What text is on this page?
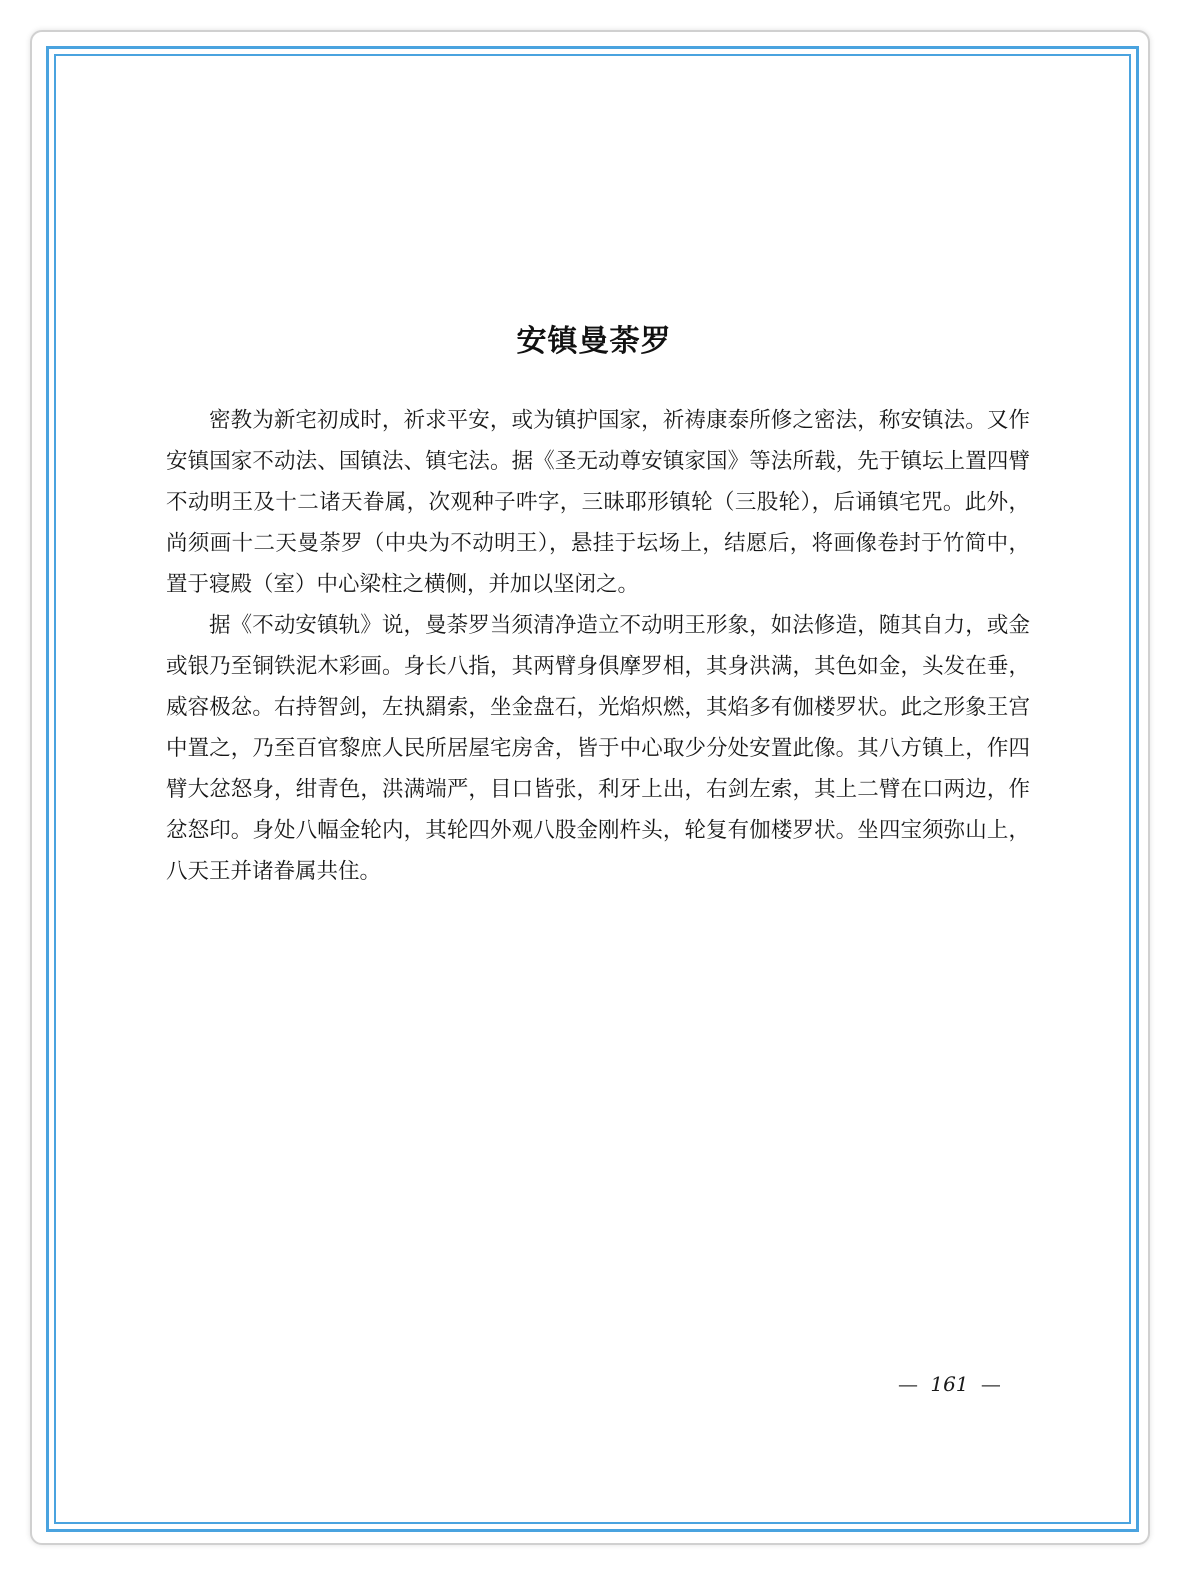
安镇曼荼罗

密教为新宅初成时，祈求平安，或为镇护国家，祈祷康泰所修之密法，称安镇法。又作安镇国家不动法、国镇法、镇宅法。据《圣无动尊安镇家国》等法所载，先于镇坛上置四臂不动明王及十二诸天眷属，次观种子吽字，三昧耶形镇轮（三股轮），后诵镇宅咒。此外，尚须画十二天曼荼罗（中央为不动明王），悬挂于坛场上，结愿后，将画像卷封于竹简中，置于寝殿（室）中心梁柱之横侧，并加以坚闭之。

据《不动安镇轨》说，曼荼罗当须清净造立不动明王形象，如法修造，随其自力，或金或银乃至铜铁泥木彩画。身长八指，其两臂身俱摩罗相，其身洪满，其色如金，头发在垂，威容极忿。右持智剑，左执羂索，坐金盘石，光焰炽燃，其焰多有伽楼罗状。此之形象王宫中置之，乃至百官黎庶人民所居屋宅房舍，皆于中心取少分处安置此像。其八方镇上，作四臂大忿怒身，绀青色，洪满端严，目口皆张，利牙上出，右剑左索，其上二臂在口两边，作忿怒印。身处八幅金轮内，其轮四外观八股金刚杵头，轮复有伽楼罗状。坐四宝须弥山上，八天王并诸眷属共住。

— 161 —
